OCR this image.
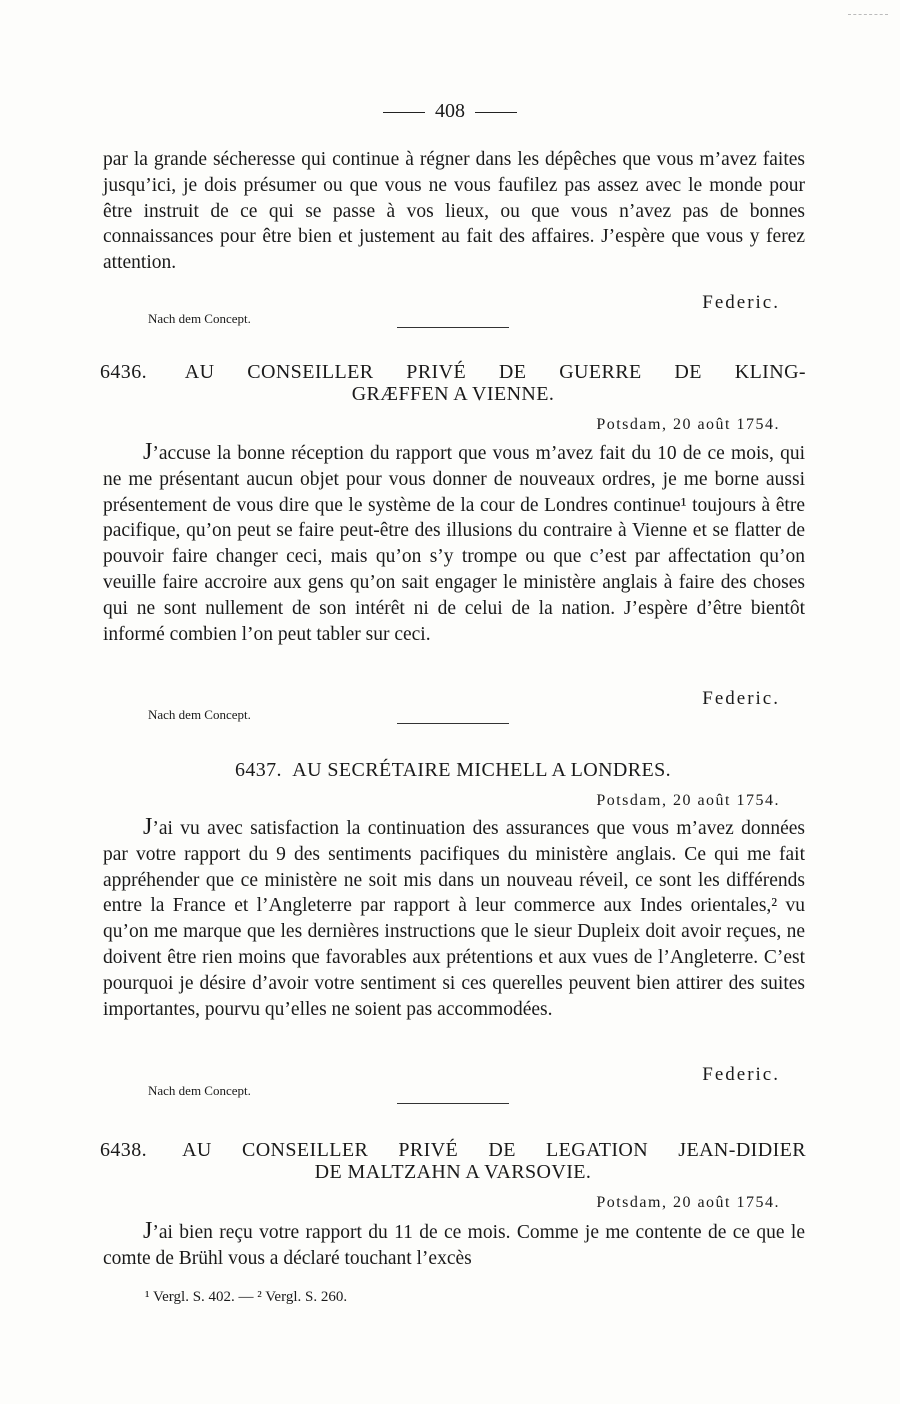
408

par la grande sécheresse qui continue à régner dans les dépêches que vous m’avez faites jusqu’ici, je dois présumer ou que vous ne vous faufilez pas assez avec le monde pour être instruit de ce qui se passe à vos lieux, ou que vous n’avez pas de bonnes connaissances pour être bien et justement au fait des affaires. J’espère que vous y ferez attention.

Federic.
Nach dem Concept.
6436. AU CONSEILLER PRIVÉ DE GUERRE DE KLING-
GRÆFFEN A VIENNE.
Potsdam, 20 août 1754.

J’accuse la bonne réception du rapport que vous m’avez fait du 10 de ce mois, qui ne me présentant aucun objet pour vous donner de nouveaux ordres, je me borne aussi présentement de vous dire que le système de la cour de Londres continue¹ toujours à être pacifique, qu’on peut se faire peut-être des illusions du contraire à Vienne et se flatter de pouvoir faire changer ceci, mais qu’on s’y trompe ou que c’est par affectation qu’on veuille faire accroire aux gens qu’on sait engager le ministère anglais à faire des choses qui ne sont nullement de son intérêt ni de celui de la nation. J’espère d’être bientôt informé combien l’on peut tabler sur ceci.

Federic.
Nach dem Concept.
6437. AU SECRÉTAIRE MICHELL A LONDRES.
Potsdam, 20 août 1754.

J’ai vu avec satisfaction la continuation des assurances que vous m’avez données par votre rapport du 9 des sentiments pacifiques du ministère anglais. Ce qui me fait appréhender que ce ministère ne soit mis dans un nouveau réveil, ce sont les différends entre la France et l’Angleterre par rapport à leur commerce aux Indes orientales,² vu qu’on me marque que les dernières instructions que le sieur Dupleix doit avoir reçues, ne doivent être rien moins que favorables aux prétentions et aux vues de l’Angleterre. C’est pourquoi je désire d’avoir votre sentiment si ces querelles peuvent bien attirer des suites importantes, pourvu qu’elles ne soient pas accommodées.

Federic.
Nach dem Concept.
6438. AU CONSEILLER PRIVÉ DE LEGATION JEAN-DIDIER
DE MALTZAHN A VARSOVIE.
Potsdam, 20 août 1754.

J’ai bien reçu votre rapport du 11 de ce mois. Comme je me contente de ce que le comte de Brühl vous a déclaré touchant l’excès

¹ Vergl. S. 402. — ² Vergl. S. 260.
